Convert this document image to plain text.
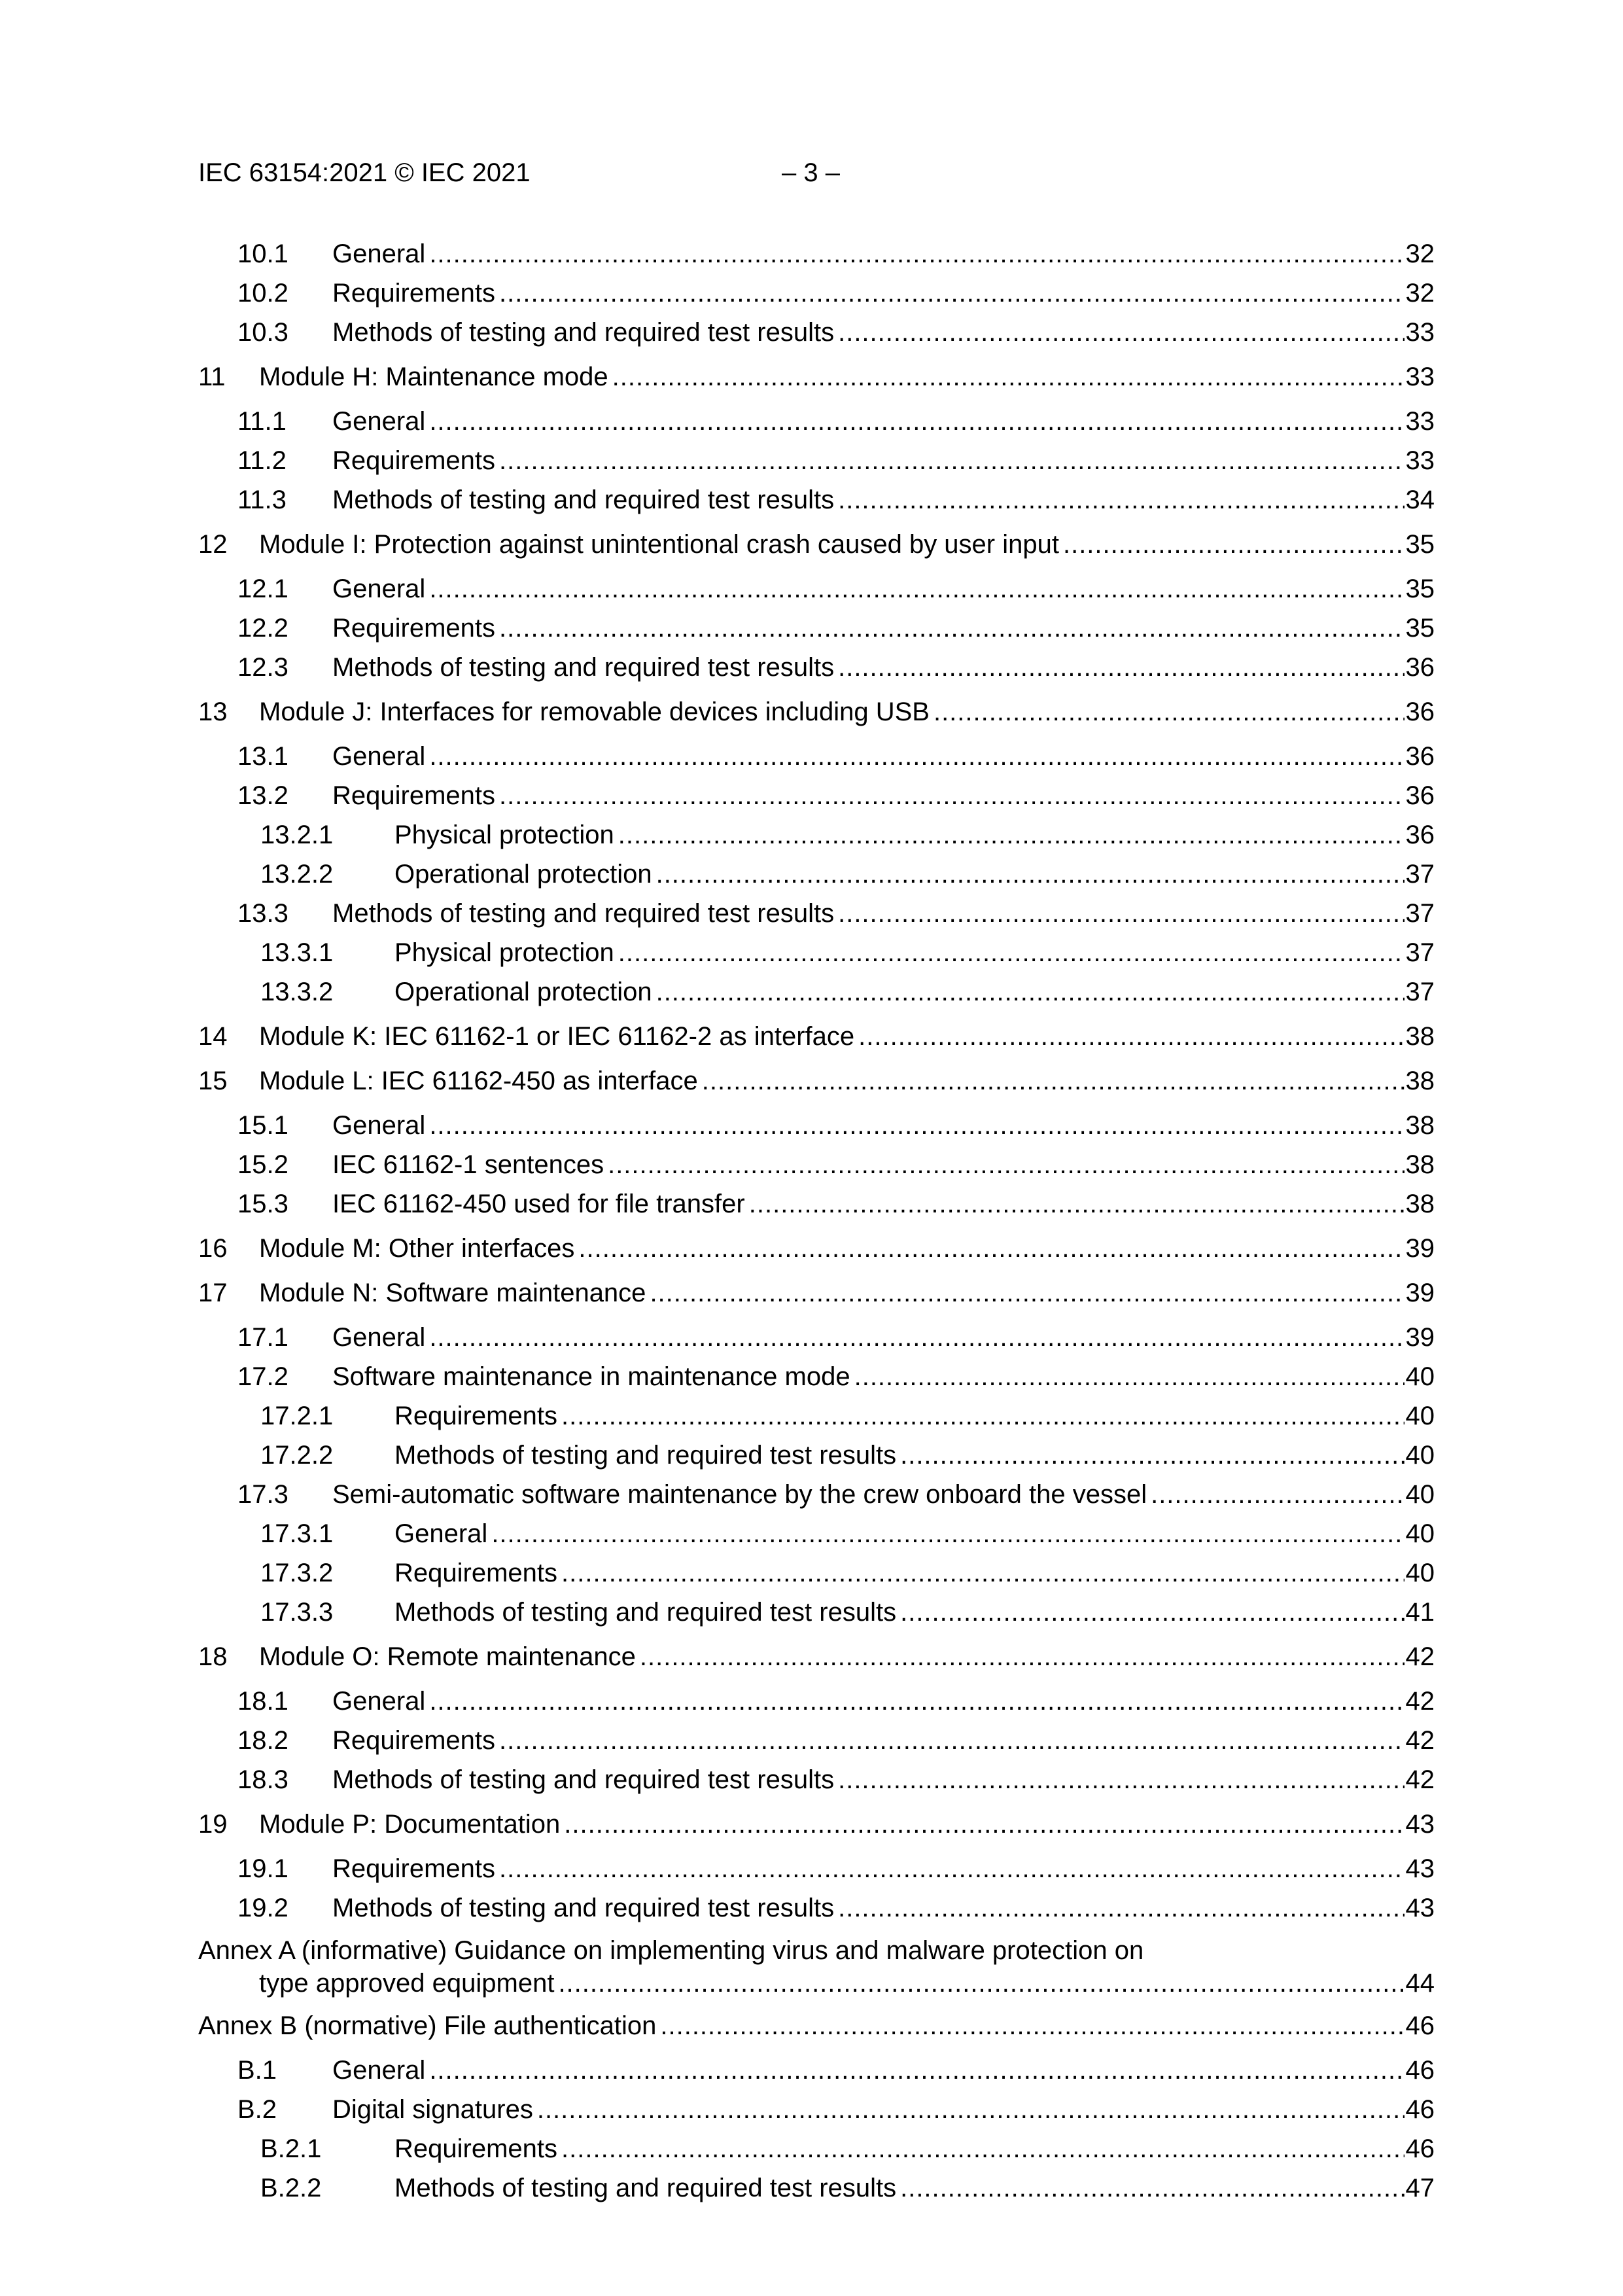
IEC 63154:2021 © IEC 2021	– 3 –
10.1 General .....	32
10.2 Requirements .....	32
10.3 Methods of testing and required test results .....	33
11 Module H: Maintenance mode .....	33
11.1 General .....	33
11.2 Requirements .....	33
11.3 Methods of testing and required test results .....	34
12 Module I: Protection against unintentional crash caused by user input .....	35
12.1 General .....	35
12.2 Requirements .....	35
12.3 Methods of testing and required test results .....	36
13 Module J: Interfaces for removable devices including USB .....	36
13.1 General .....	36
13.2 Requirements .....	36
13.2.1 Physical protection .....	36
13.2.2 Operational protection .....	37
13.3 Methods of testing and required test results .....	37
13.3.1 Physical protection .....	37
13.3.2 Operational protection .....	37
14 Module K: IEC 61162-1 or IEC 61162-2 as interface .....	38
15 Module L: IEC 61162-450 as interface .....	38
15.1 General .....	38
15.2 IEC 61162-1 sentences .....	38
15.3 IEC 61162-450 used for file transfer .....	38
16 Module M: Other interfaces .....	39
17 Module N: Software maintenance .....	39
17.1 General .....	39
17.2 Software maintenance in maintenance mode .....	40
17.2.1 Requirements .....	40
17.2.2 Methods of testing and required test results .....	40
17.3 Semi-automatic software maintenance by the crew onboard the vessel .....	40
17.3.1 General .....	40
17.3.2 Requirements .....	40
17.3.3 Methods of testing and required test results .....	41
18 Module O: Remote maintenance .....	42
18.1 General .....	42
18.2 Requirements .....	42
18.3 Methods of testing and required test results .....	42
19 Module P: Documentation .....	43
19.1 Requirements .....	43
19.2 Methods of testing and required test results .....	43
Annex A (informative) Guidance on implementing virus and malware protection on
type approved equipment .....	44
Annex B (normative) File authentication .....	46
B.1 General .....	46
B.2 Digital signatures .....	46
B.2.1	Requirements .....	46
B.2.2	Methods of testing and required test results .....	47
